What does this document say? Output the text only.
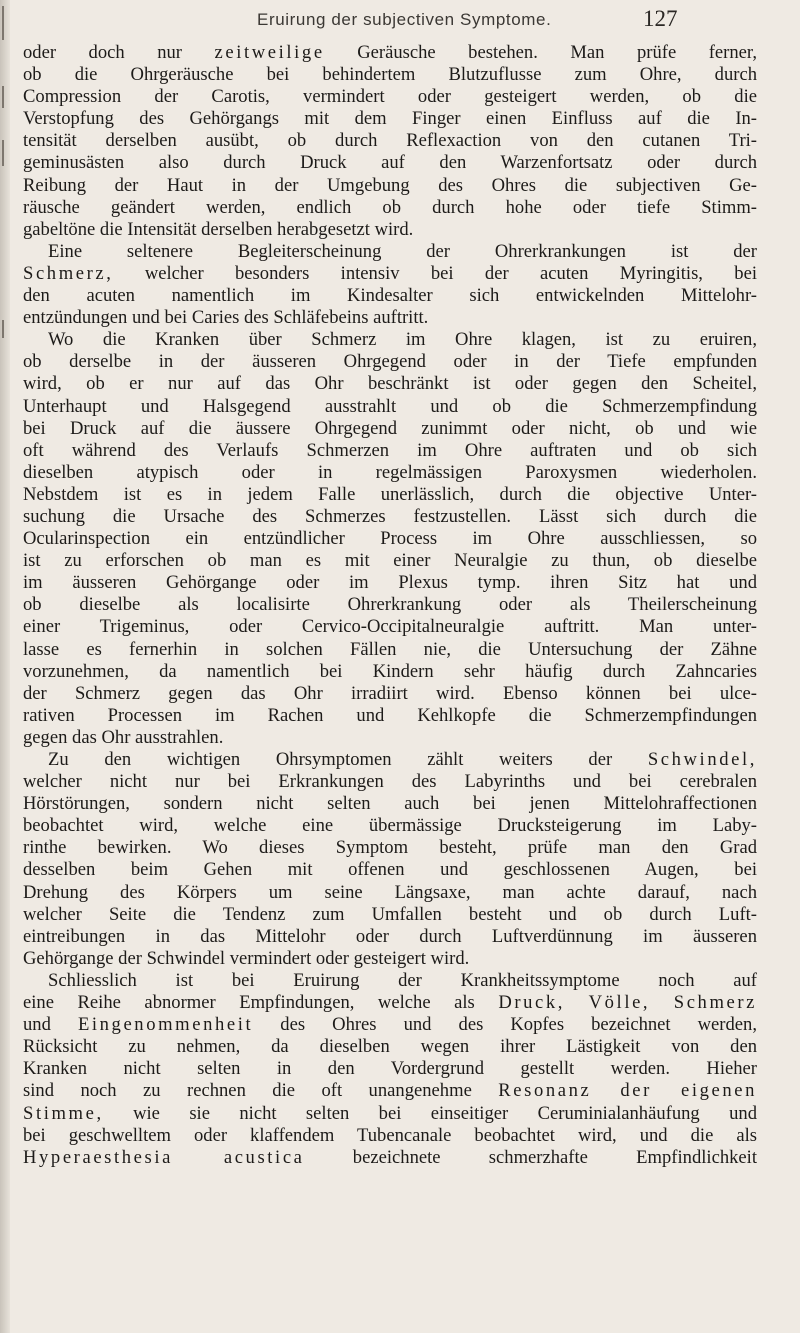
Eruirung der subjectiven Symptome.	127
oder doch nur zeitweilige Geräusche bestehen. Man prüfe ferner,
ob die Ohrgeräusche bei behindertem Blutzuflusse zum Ohre, durch
Compression der Carotis, vermindert oder gesteigert werden, ob die
Verstopfung des Gehörgangs mit dem Finger einen Einfluss auf die In-
tensität derselben ausübt, ob durch Reflexaction von den cutanen Tri-
geminusästen also durch Druck auf den Warzenfortsatz oder durch
Reibung der Haut in der Umgebung des Ohres die subjectiven Ge-
räusche geändert werden, endlich ob durch hohe oder tiefe Stimm-
gabeltöne die Intensität derselben herabgesetzt wird.
Eine seltenere Begleiterscheinung der Ohrerkrankungen ist der
Schmerz, welcher besonders intensiv bei der acuten Myringitis, bei
den acuten namentlich im Kindesalter sich entwickelnden Mittelohr-
entzündungen und bei Caries des Schläfebeins auftritt.
Wo die Kranken über Schmerz im Ohre klagen, ist zu eruiren,
ob derselbe in der äusseren Ohrgegend oder in der Tiefe empfunden
wird, ob er nur auf das Ohr beschränkt ist oder gegen den Scheitel,
Unterhaupt und Halsgegend ausstrahlt und ob die Schmerzempfindung
bei Druck auf die äussere Ohrgegend zunimmt oder nicht, ob und wie
oft während des Verlaufs Schmerzen im Ohre auftraten und ob sich
dieselben atypisch oder in regelmässigen Paroxysmen wiederholen.
Nebstdem ist es in jedem Falle unerlässlich, durch die objective Unter-
suchung die Ursache des Schmerzes festzustellen. Lässt sich durch die
Ocularinspection ein entzündlicher Process im Ohre ausschliessen, so
ist zu erforschen ob man es mit einer Neuralgie zu thun, ob dieselbe
im äusseren Gehörgange oder im Plexus tymp. ihren Sitz hat und
ob dieselbe als localisirte Ohrerkrankung oder als Theilerscheinung
einer Trigeminus, oder Cervico-Occipitalneuralgie auftritt. Man unter-
lasse es fernerhin in solchen Fällen nie, die Untersuchung der Zähne
vorzunehmen, da namentlich bei Kindern sehr häufig durch Zahncaries
der Schmerz gegen das Ohr irradiirt wird. Ebenso können bei ulce-
rativen Processen im Rachen und Kehlkopfe die Schmerzempfindungen
gegen das Ohr ausstrahlen.
Zu den wichtigen Ohrsymptomen zählt weiters der Schwindel,
welcher nicht nur bei Erkrankungen des Labyrinths und bei cerebralen
Hörstörungen, sondern nicht selten auch bei jenen Mittelohraffectionen
beobachtet wird, welche eine übermässige Drucksteigerung im Laby-
rinthe bewirken. Wo dieses Symptom besteht, prüfe man den Grad
desselben beim Gehen mit offenen und geschlossenen Augen, bei
Drehung des Körpers um seine Längsaxe, man achte darauf, nach
welcher Seite die Tendenz zum Umfallen besteht und ob durch Luft-
eintreibungen in das Mittelohr oder durch Luftverdünnung im äusseren
Gehörgange der Schwindel vermindert oder gesteigert wird.
Schliesslich ist bei Eruirung der Krankheitssymptome noch auf
eine Reihe abnormer Empfindungen, welche als Druck, Völle, Schmerz
und Eingenommenheit des Ohres und des Kopfes bezeichnet werden,
Rücksicht zu nehmen, da dieselben wegen ihrer Lästigkeit von den
Kranken nicht selten in den Vordergrund gestellt werden. Hieher
sind noch zu rechnen die oft unangenehme Resonanz der eigenen
Stimme, wie sie nicht selten bei einseitiger Ceruminialanhäufung und
bei geschwelltem oder klaffendem Tubencanale beobachtet wird, und die als
Hyperaesthesia acustica bezeichnete schmerzhafte Empfindlichkeit
